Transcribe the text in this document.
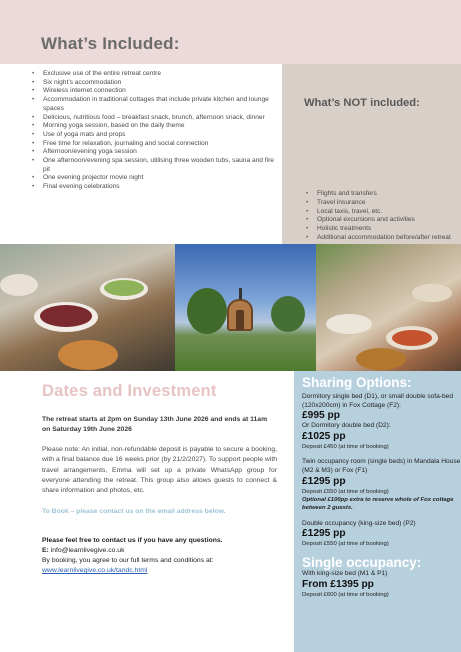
What’s Included:
• Exclusive use of the entire retreat centre
• Six night’s accommodation
• Wireless internet connection
• Accommodation in traditional cottages that include private kitchen and lounge spaces
• Delicious, nutritious food – breakfast snack, brunch, afternoon snack, dinner
• Morning yoga session, based on the daily theme
• Use of yoga mats and props
• Free time for relaxation, journaling and social connection
• Afternoon/evening yoga session
• One afternoon/evening spa session, utilising three wooden tubs, sauna and fire pit
• One evening projector movie night
• Final evening celebrations
What’s NOT included:
• Flights and transfers
• Travel insurance
• Local taxis, travel, etc.
• Optional excursions and activities
• Holistic treatments
• Additional accommodation before/after retreat
•
Dates and Investment

The retreat starts at 2pm on Sunday 13th June 2026 and ends at 11am on Saturday 19th June 2026

Please note: An initial, non-refundable deposit is payable to secure a booking, with a final balance due 16 weeks prior (by 21/2/2027). To support people with travel arrangements, Emma will set up a private WhatsApp group for everyone attending the retreat. This group also allows guests to connect & share information and photos, etc.

To Book – please contact us on the email address below.

Please feel free to contact us if you have any questions.

E: info@learnlivegive.co.uk

By booking, you agree to our full terms and conditions at:

www.learnlivegive.co.uk/tandc.html

Sharing Options:

Dormitory single bed (D1), or small double sofa-bed (120x200cm) in Fox Cottage (F2):

£995 pp

Or Dormitory double bed (D2):

£1025 pp

Deposit £450 (at time of booking)

Twin occupancy room (single beds) in Mandala House (M2 & M3) or Fox (F1)

£1295 pp

Deposit £550 (at time of booking)

Optional £100pp extra to reserve whole of Fox cottage between 2 guests.

Double occupancy (king-size bed) (P2)

£1295 pp

Deposit £550 (at time of booking)

Single occupancy:

With king-size bed (M1 & P1)

From £1395 pp

Deposit £600 (at time of booking)
